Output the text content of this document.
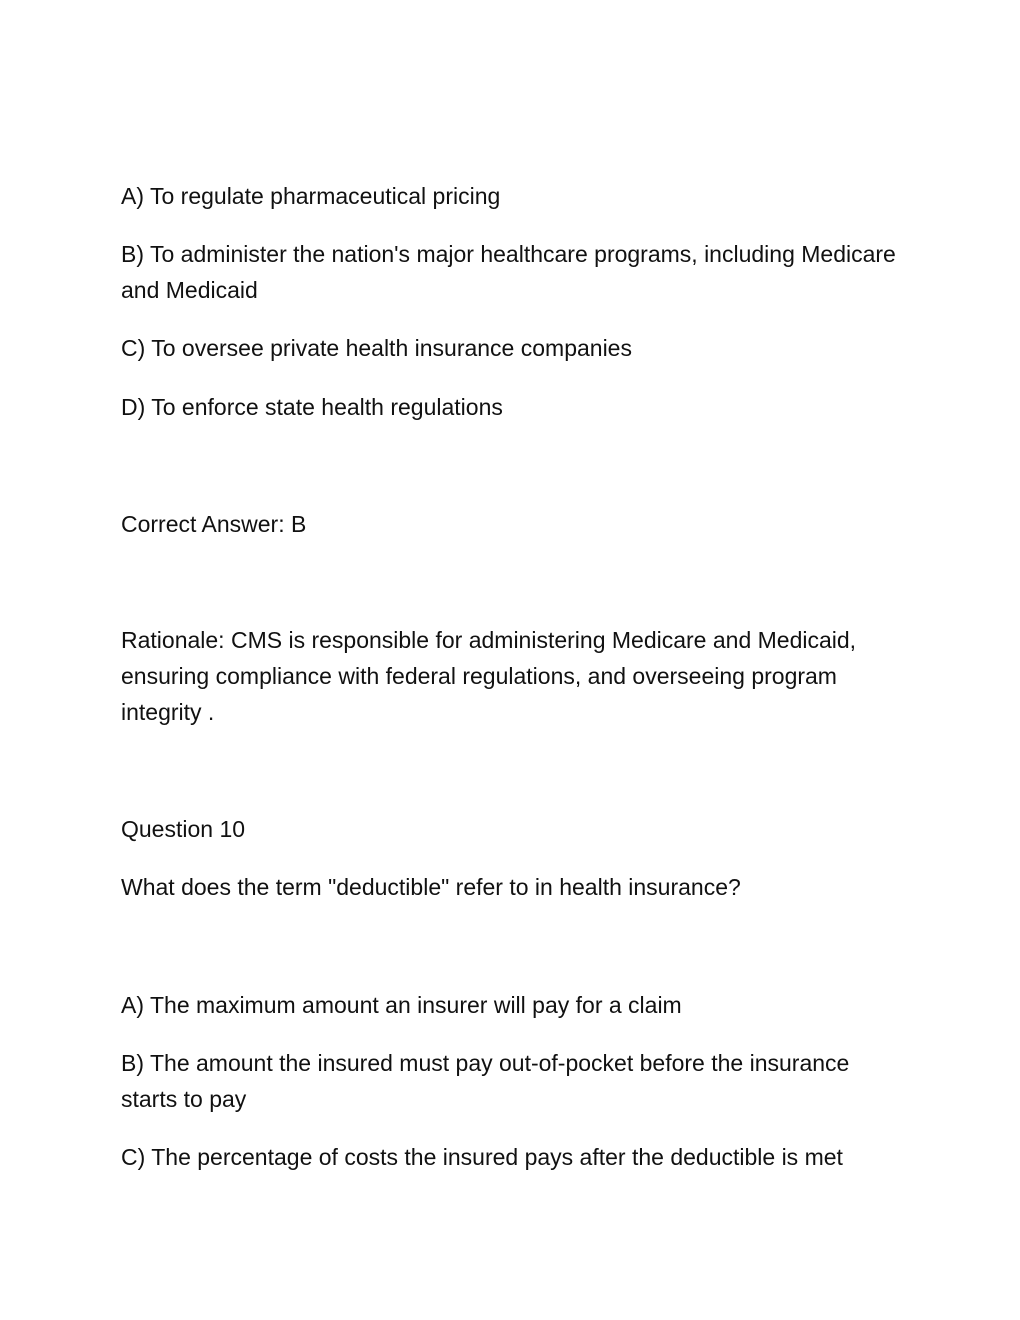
A) To regulate pharmaceutical pricing

B) To administer the nation's major healthcare programs, including Medicare and Medicaid

C) To oversee private health insurance companies

D) To enforce state health regulations

Correct Answer: B

Rationale: CMS is responsible for administering Medicare and Medicaid, ensuring compliance with federal regulations, and overseeing program integrity .

Question 10

What does the term "deductible" refer to in health insurance?

A) The maximum amount an insurer will pay for a claim

B) The amount the insured must pay out-of-pocket before the insurance starts to pay

C) The percentage of costs the insured pays after the deductible is met
